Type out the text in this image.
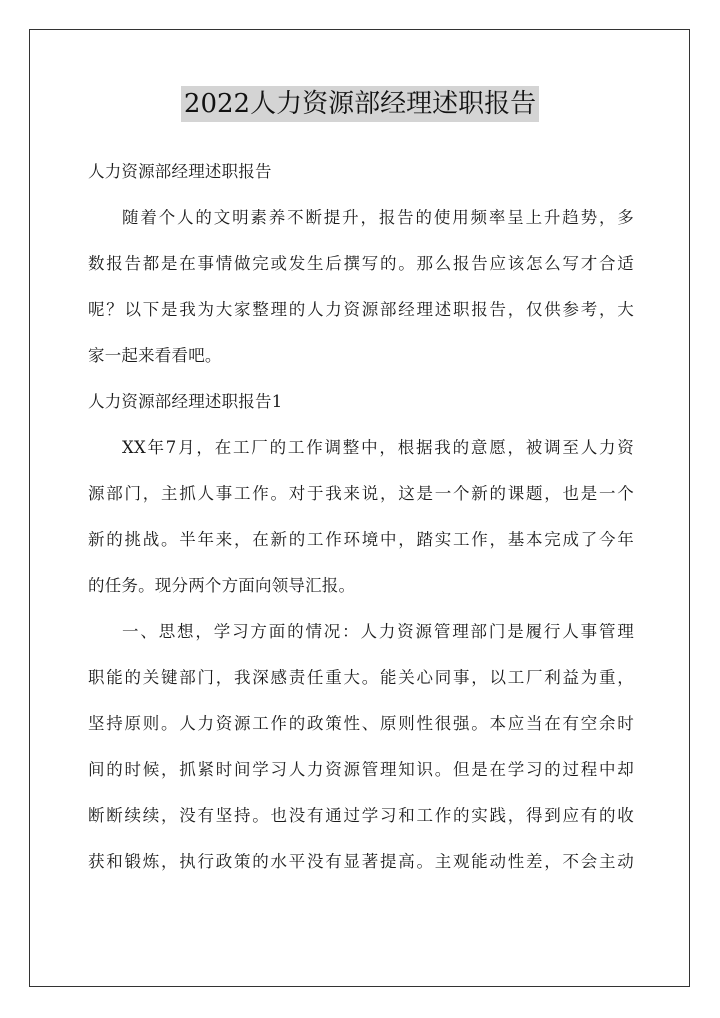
2022人力资源部经理述职报告
人力资源部经理述职报告
随着个人的文明素养不断提升，报告的使用频率呈上升趋势，多
数报告都是在事情做完或发生后撰写的。那么报告应该怎么写才合适
呢？以下是我为大家整理的人力资源部经理述职报告，仅供参考，大
家一起来看看吧。
人力资源部经理述职报告1
XX年7月，在工厂的工作调整中，根据我的意愿，被调至人力资
源部门，主抓人事工作。对于我来说，这是一个新的课题，也是一个
新的挑战。半年来，在新的工作环境中，踏实工作，基本完成了今年
的任务。现分两个方面向领导汇报。
一、思想，学习方面的情况：人力资源管理部门是履行人事管理
职能的关键部门，我深感责任重大。能关心同事，以工厂利益为重，
坚持原则。人力资源工作的政策性、原则性很强。本应当在有空余时
间的时候，抓紧时间学习人力资源管理知识。但是在学习的过程中却
断断续续，没有坚持。也没有通过学习和工作的实践，得到应有的收
获和锻炼，执行政策的水平没有显著提高。主观能动性差，不会主动
